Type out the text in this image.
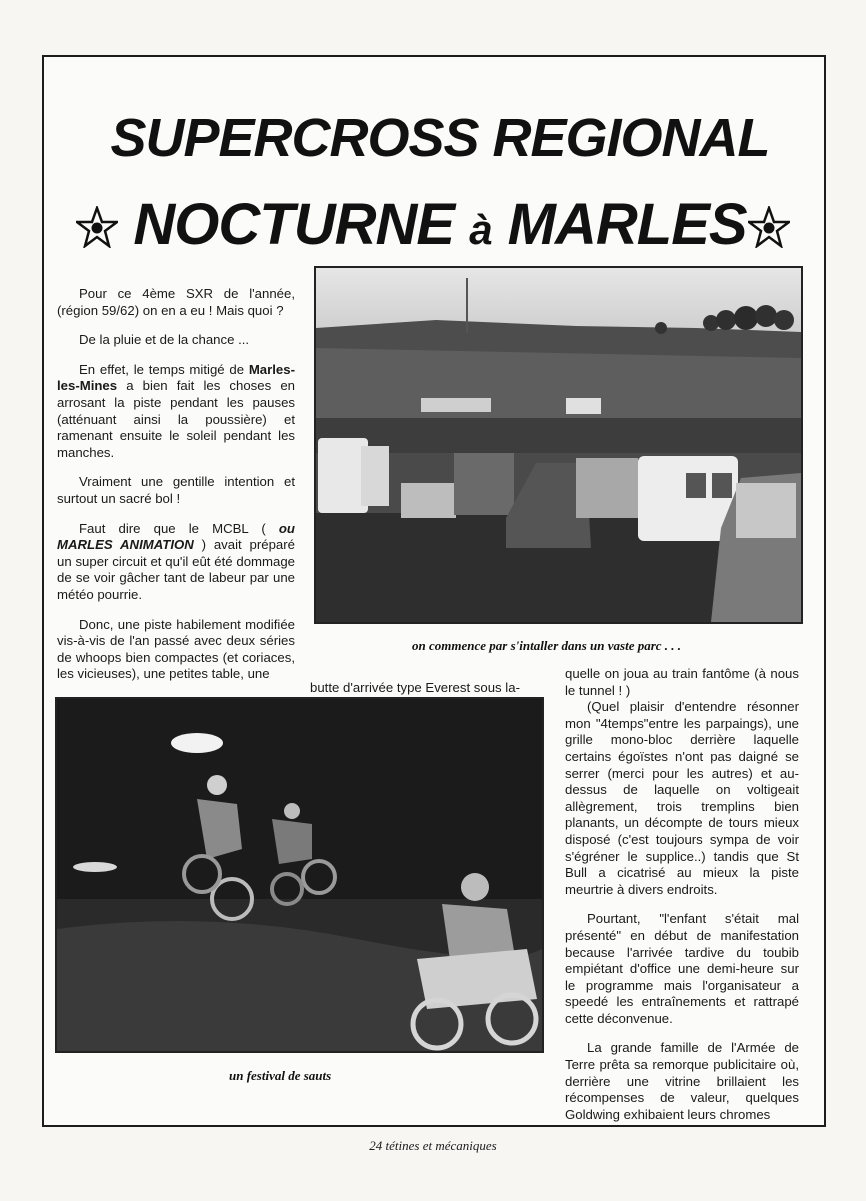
SUPERCROSS REGIONAL
NOCTURNE à MARLES

Pour ce 4ème SXR de l'année, (région 59/62) on en a eu ! Mais quoi ?

De la pluie et de la chance ...

En effet, le temps mitigé de Marles-les-Mines a bien fait les choses en arrosant la piste pendant les pauses (atténuant ainsi la poussière) et ramenant ensuite le soleil pendant les manches.

Vraiment une gentille intention et surtout un sacré bol !

Faut dire que le MCBL ( ou MARLES ANIMATION ) avait préparé un super circuit et qu'il eût été dommage de se voir gâcher tant de labeur par une météo pourrie.

Donc, une piste habilement modifiée vis-à-vis de l'an passé avec deux séries de whoops bien compactes (et coriaces, les vicieuses), une petites table, une

on commence par s'intaller dans un vaste parc . . .

butte d'arrivée type Everest sous la-

un festival de sauts

quelle on joua au train fantôme (à nous le tunnel ! )

(Quel plaisir d'entendre résonner mon "4temps"entre les parpaings), une grille mono-bloc derrière laquelle certains égoïstes n'ont pas daigné se serrer (merci pour les autres) et au-dessus de laquelle on voltigeait allègrement, trois tremplins bien planants, un décompte de tours mieux disposé (c'est toujours sympa de voir s'égréner le supplice..) tandis que St Bull a cicatrisé au mieux la piste meurtrie à divers endroits.

Pourtant, "l'enfant s'était mal présenté" en début de manifestation because l'arrivée tardive du toubib empiétant d'office une demi-heure sur le programme mais l'organisateur a speedé les entraînements et rattrapé cette déconvenue.

La grande famille de l'Armée de Terre prêta sa remorque publicitaire où, derrière une vitrine brillaient les récompenses de valeur, quelques Goldwing exhibaient leurs chromes

24 tétines et mécaniques
